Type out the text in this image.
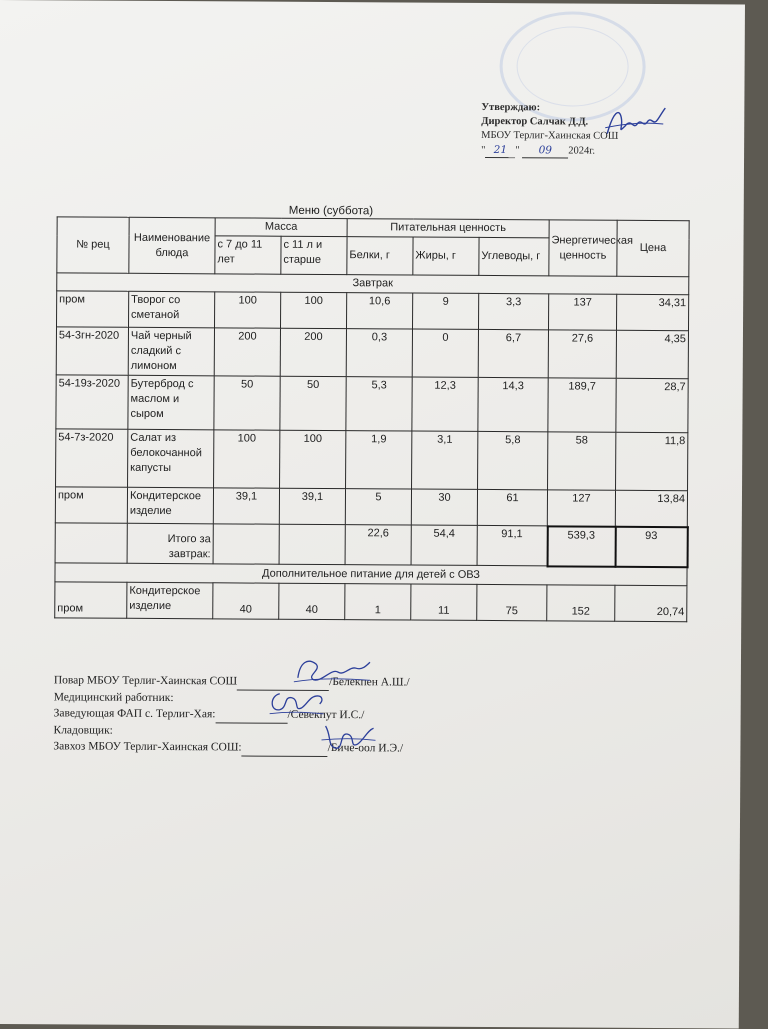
Утверждаю:
Директор Салчак Д.Д.
МБОУ Терлиг-Хаинская СОШ
" 21 " 09 2024г.
Меню (суббота)
№ рец	Наименование блюда	Масса		Питательная ценность			Энергетическая ценность	Цена
		с 7 до 11 лет	с 11 л и старше	Белки, г	Жиры, г	Углеводы, г		
Завтрак								
пром	Творог со сметаной	100	100	10,6	9	3,3	137	34,31
54-3гн-2020	Чай черный сладкий с лимоном	200	200	0,3	0	6,7	27,6	4,35
54-19з-2020	Бутерброд с маслом и сыром	50	50	5,3	12,3	14,3	189,7	28,7
54-7з-2020	Салат из белокочанной капусты	100	100	1,9	3,1	5,8	58	11,8
пром	Кондитерское изделие	39,1	39,1	5	30	61	127	13,84
	Итого за завтрак:			22,6	54,4	91,1	539,3	93
Дополнительное питание для детей с ОВЗ								
пром	Кондитерское изделие	40	40	1	11	75	152	20,74
Повар МБОУ Терлиг-Хаинская СОШ	/Белекпен А.Ш./
Медицинский работник:
Заведующая ФАП с. Терлиг-Хая:	/Севекпут И.С./
Кладовщик:
Завхоз МБОУ Терлиг-Хаинская СОШ:	/Биче-оол И.Э./
